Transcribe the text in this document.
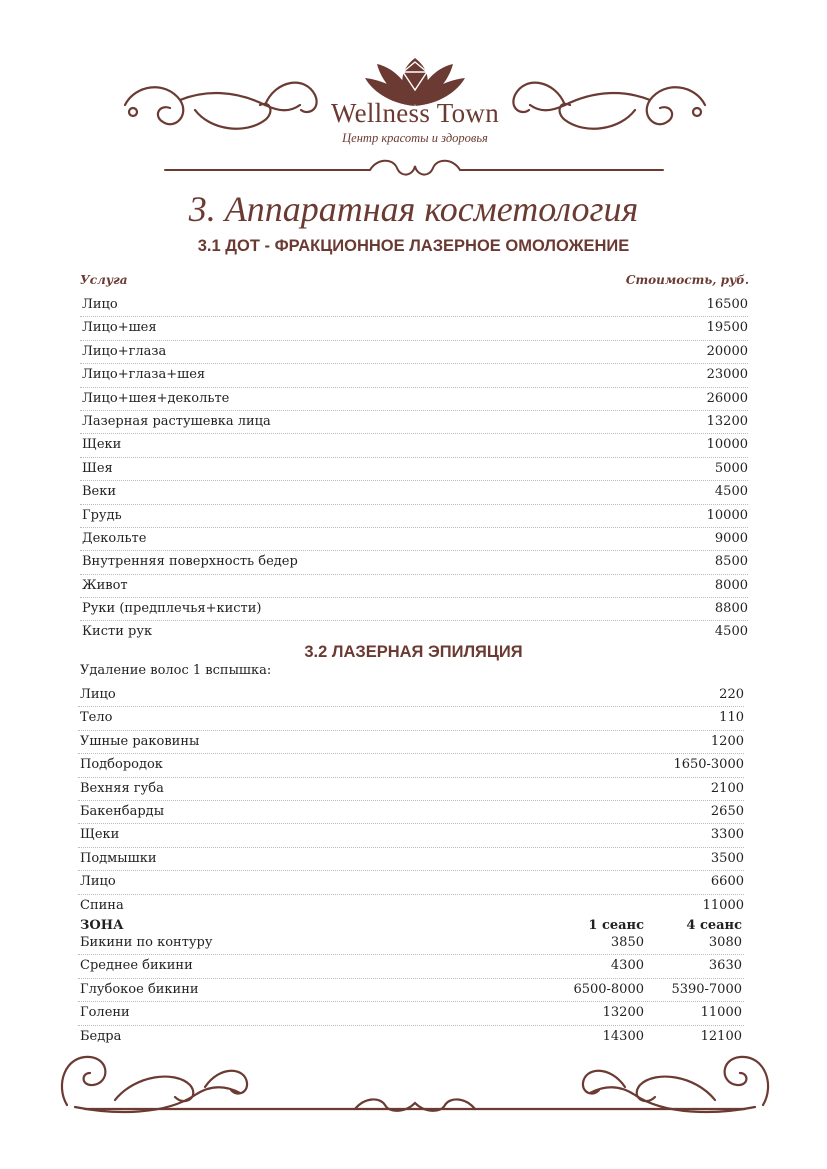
Wellness Town
Центр красоты и здоровья
3. Аппаратная косметология
3.1 ДОТ - ФРАКЦИОННОЕ ЛАЗЕРНОЕ ОМОЛОЖЕНИЕ
Услуга	Стоимость, руб.
Лицо	16500
Лицо+шея	19500
Лицо+глаза	20000
Лицо+глаза+шея	23000
Лицо+шея+декольте	26000
Лазерная растушевка лица	13200
Щеки	10000
Шея	5000
Веки	4500
Грудь	10000
Декольте	9000
Внутренняя поверхность бедер	8500
Живот	8000
Руки (предплечья+кисти)	8800
Кисти рук	4500
3.2 ЛАЗЕРНАЯ ЭПИЛЯЦИЯ
Удаление волос 1 вспышка:
Лицо	220
Тело	110
Ушные раковины	1200
Подбородок	1650-3000
Вехняя губа	2100
Бакенбарды	2650
Щеки	3300
Подмышки	3500
Лицо	6600
Спина	11000
ЗОНА	1 сеанс	4 сеанс
Бикини по контуру	3850	3080
Среднее бикини	4300	3630
Глубокое бикини	6500-8000 5390-7000
Голени	13200	11000
Бедра	14300	12100
